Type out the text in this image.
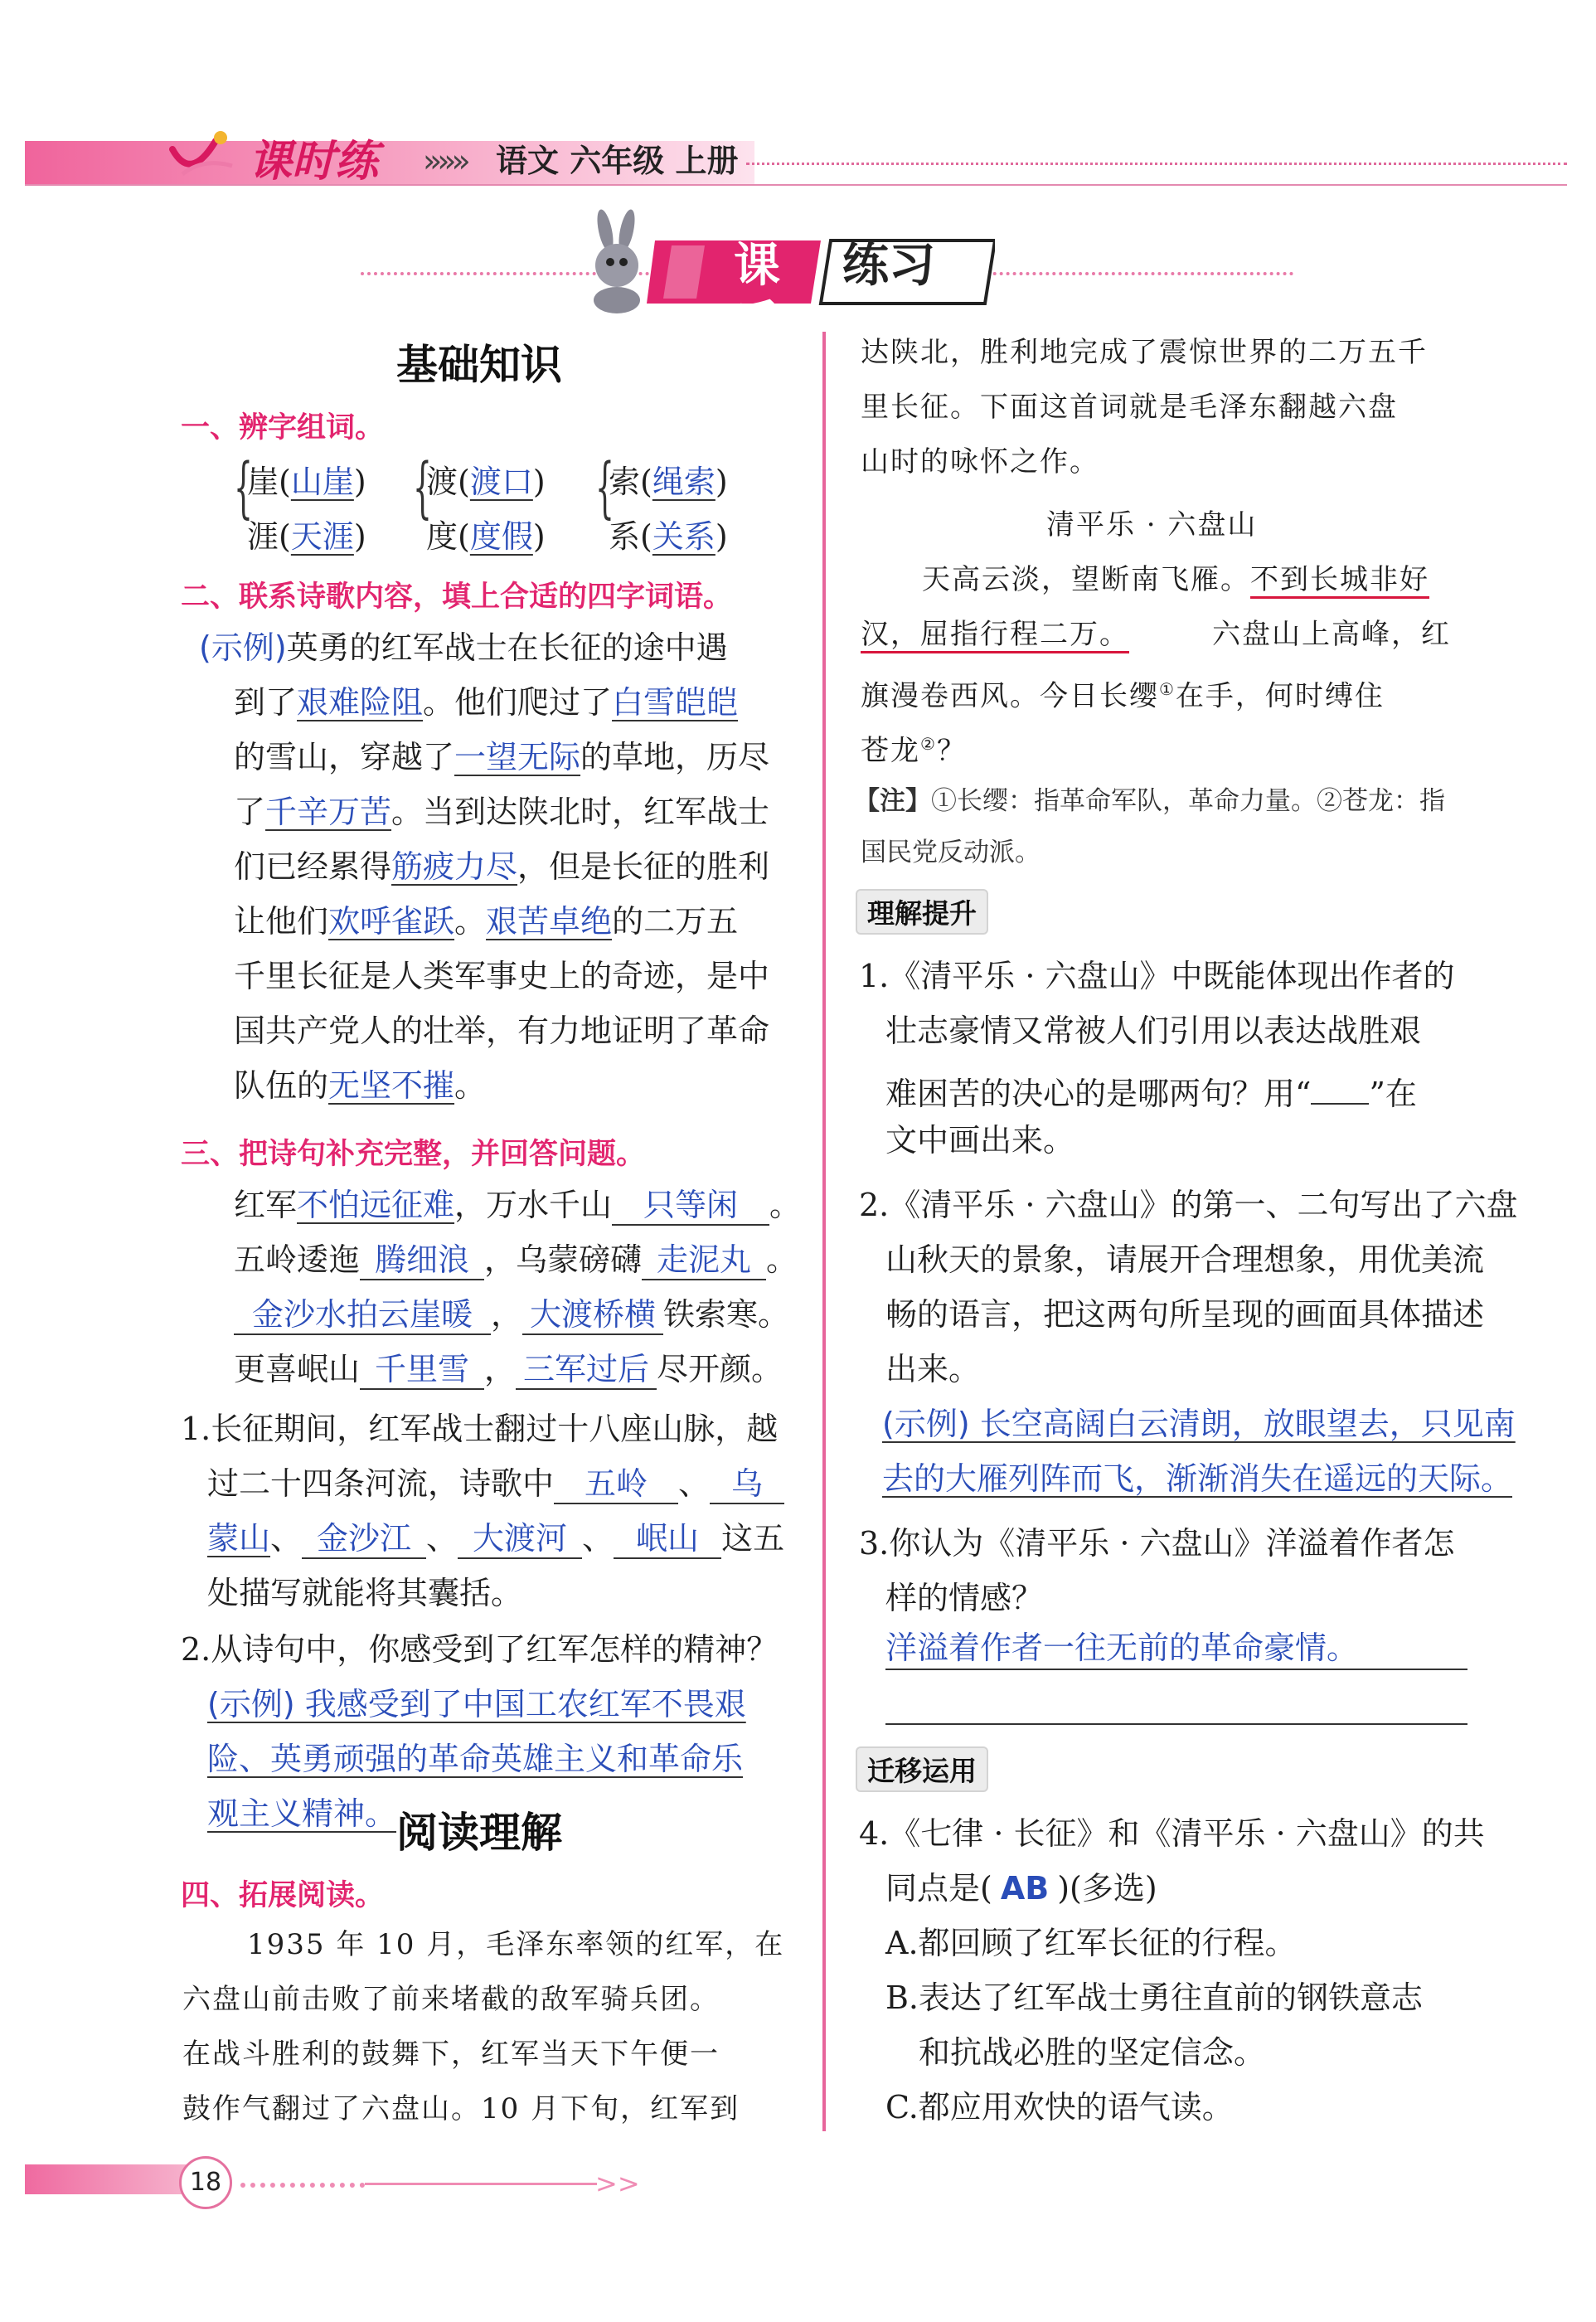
课时练	»»» 语文 六年级 上册
课后
练习
基础知识
一、辨字组词。
{
崖(山崖)
涯(天涯)
{
渡(渡口)
度(度假)
{
索(绳索)
系(关系)
二、联系诗歌内容，填上合适的四字词语。
(示例)英勇的红军战士在长征的途中遇
到了艰难险阻。他们爬过了白雪皑皑
的雪山，穿越了一望无际的草地，历尽
了千辛万苦。当到达陕北时，红军战士
们已经累得筋疲力尽，但是长征的胜利
让他们欢呼雀跃。艰苦卓绝的二万五
千里长征是人类军事史上的奇迹，是中
国共产党人的壮举，有力地证明了革命
队伍的无坚不摧。
三、把诗句补充完整，并回答问题。
红军不怕远征难，万水千山 只等闲 。
五岭逶迤 腾细浪 ，乌蒙磅礴 走泥丸 。
金沙水拍云崖暖 ， 大渡桥横 铁索寒。
更喜岷山 千里雪 ， 三军过后 尽开颜。
1.长征期间，红军战士翻过十八座山脉，越
过二十四条河流，诗歌中 五岭 、 乌
蒙山、 金沙江 、 大渡河 、 岷山 这五
处描写就能将其囊括。
2.从诗句中，你感受到了红军怎样的精神？
(示例) 我感受到了中国工农红军不畏艰
险、英勇顽强的革命英雄主义和革命乐
观主义精神。 阅读理解
四、拓展阅读。
1935 年 10 月，毛泽东率领的红军，在
六盘山前击败了前来堵截的敌军骑兵团。
在战斗胜利的鼓舞下，红军当天下午便一
鼓作气翻过了六盘山。10 月下旬，红军到
达陕北，胜利地完成了震惊世界的二万五千
里长征。下面这首词就是毛泽东翻越六盘
山时的咏怀之作。
清平乐 · 六盘山
天高云淡，望断南飞雁。不到长城非好
汉，屈指行程二万。	六盘山上高峰，红
旗漫卷西风。今日长缨①在手，何时缚住
苍龙②？
【注】①长缨：指革命军队，革命力量。②苍龙：指
国民党反动派。
理解提升
1.《清平乐 · 六盘山》中既能体现出作者的
壮志豪情又常被人们引用以表达战胜艰
难困苦的决心的是哪两句？用“ ”在
文中画出来。
2.《清平乐 · 六盘山》的第一、二句写出了六盘
山秋天的景象，请展开合理想象，用优美流
畅的语言，把这两句所呈现的画面具体描述
出来。
(示例) 长空高阔白云清朗，放眼望去，只见南
去的大雁列阵而飞，渐渐消失在遥远的天际。
3.你认为《清平乐 · 六盘山》洋溢着作者怎
样的情感？
洋溢着作者一往无前的革命豪情。
迁移运用
4.《七律 · 长征》和《清平乐 · 六盘山》的共
同点是( AB )(多选)
A.都回顾了红军长征的行程。
B.表达了红军战士勇往直前的钢铁意志
和抗战必胜的坚定信念。
C.都应用欢快的语气读。
>>
18
